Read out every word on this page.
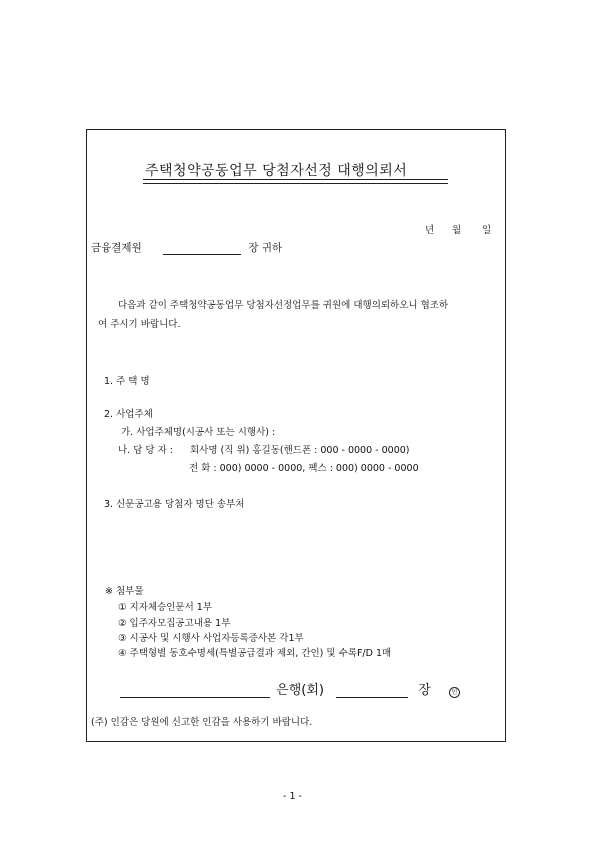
주택청약공동업무 당첨자선정 대행의뢰서
년 월 일
금융결제원	장 귀하
다음과 같이 주택청약공동업무 당첨자선정업무를 귀원에 대행의뢰하오니 협조하
여 주시기 바랍니다.
1. 주 택 명
2. 사업주체
가. 사업주체명(시공사 또는 시행사) :
나. 담 당 자 : 회사명 (직 위) 홍길동(핸드폰 : 000 - 0000 - 0000)
전 화 : 000) 0000 - 0000, 팩스 : 000) 0000 - 0000
3. 신문공고용 당첨자 명단 송부처
※ 첨부물
① 지자체승인문서 1부
② 입주자모집공고내용 1부
③ 시공사 및 시행사 사업자등록증사본 각1부
④ 주택형별 동호수명세(특별공급결과 제외, 간인) 및 수록F/D 1매
은행(회)	장	인
(주) 인감은 당원에 신고한 인감을 사용하기 바랍니다.
- 1 -
